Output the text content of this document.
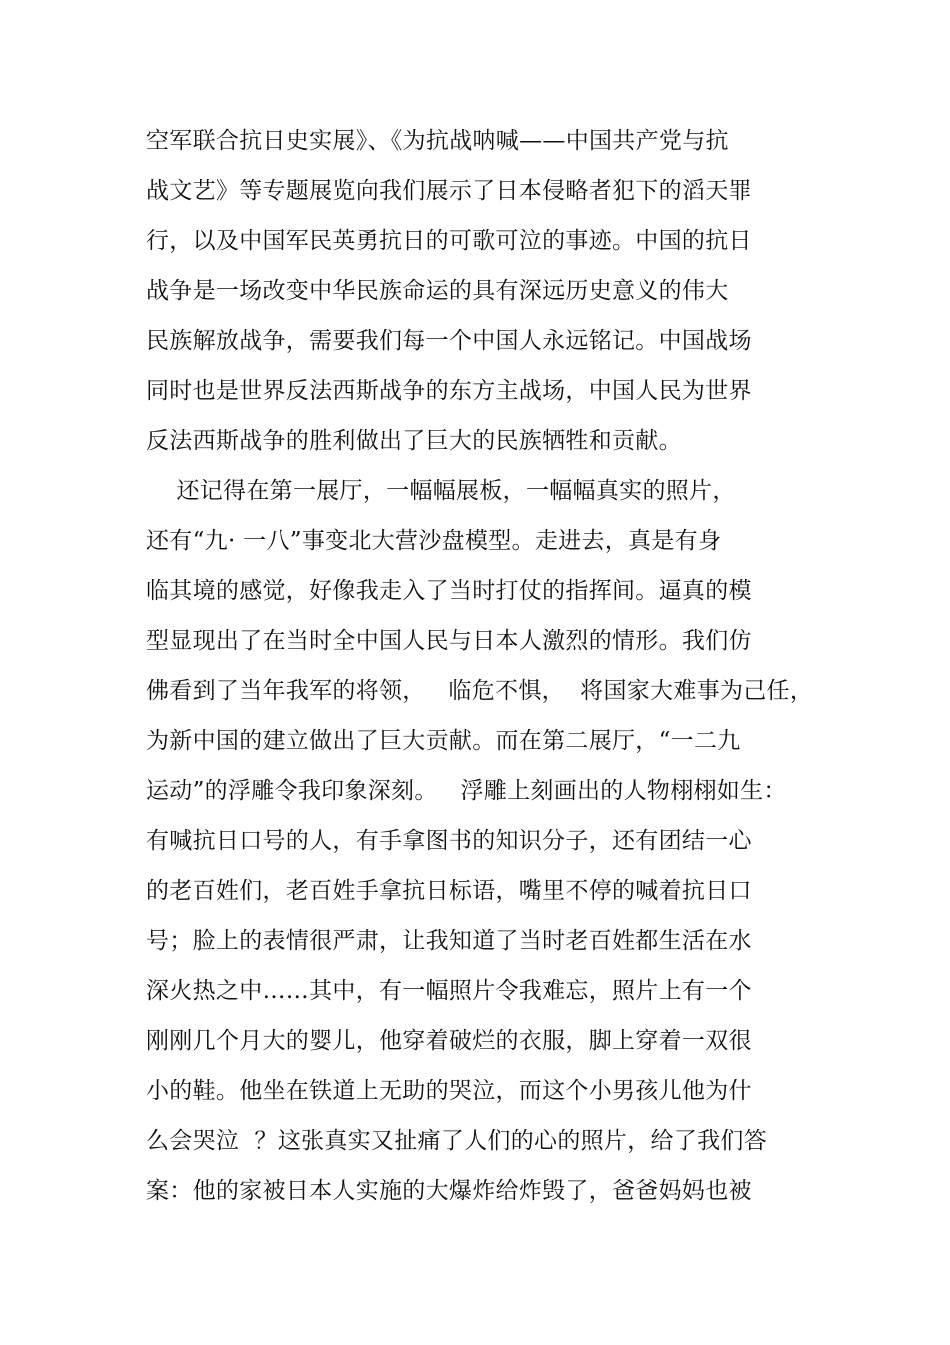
空军联合抗日史实展》、《为抗战呐喊——中国共产党与抗
战文艺》等专题展览向我们展示了日本侵略者犯下的滔天罪
行，以及中国军民英勇抗日的可歌可泣的事迹。中国的抗日
战争是一场改变中华民族命运的具有深远历史意义的伟大
民族解放战争，需要我们每一个中国人永远铭记。中国战场
同时也是世界反法西斯战争的东方主战场，中国人民为世界
反法西斯战争的胜利做出了巨大的民族牺牲和贡献。
还记得在第一展厅，一幅幅展板，一幅幅真实的照片，
还有“九· 一八”事变北大营沙盘模型。走进去，真是有身
临其境的感觉，好像我走入了当时打仗的指挥间。逼真的模
型显现出了在当时全中国人民与日本人激烈的情形。我们仿
佛看到了当年我军的将领，   临危不惧，  将国家大难事为己任，
为新中国的建立做出了巨大贡献。而在第二展厅，“一二九
运动”的浮雕令我印象深刻。   浮雕上刻画出的人物栩栩如生：
有喊抗日口号的人，有手拿图书的知识分子，还有团结一心
的老百姓们，老百姓手拿抗日标语，嘴里不停的喊着抗日口
号；脸上的表情很严肃，让我知道了当时老百姓都生活在水
深火热之中……其中，有一幅照片令我难忘，照片上有一个
刚刚几个月大的婴儿，他穿着破烂的衣服，脚上穿着一双很
小的鞋。他坐在铁道上无助的哭泣，而这个小男孩儿他为什
么会哭泣  ？这张真实又扯痛了人们的心的照片，给了我们答
案：他的家被日本人实施的大爆炸给炸毁了，爸爸妈妈也被
